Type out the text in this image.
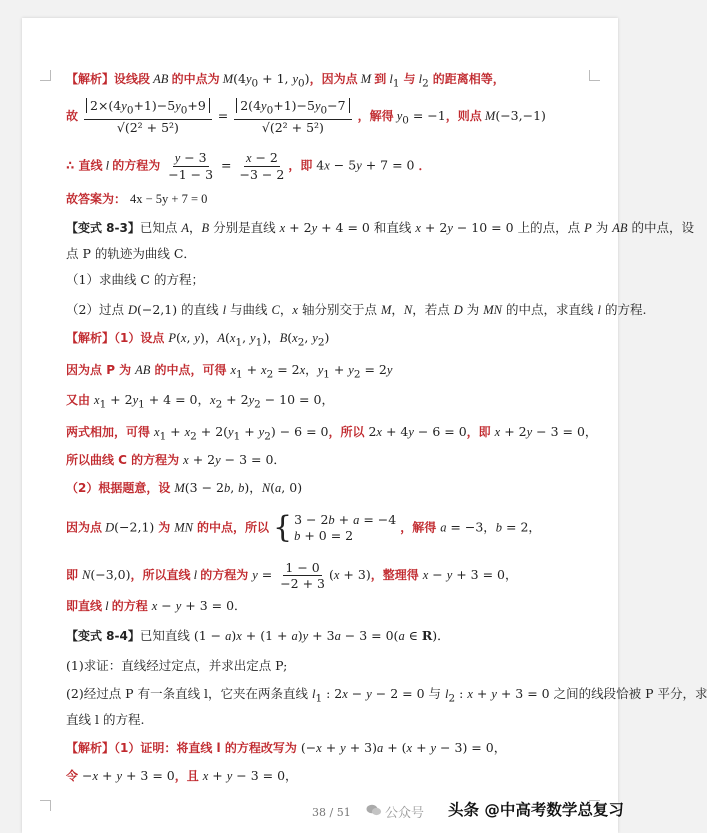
【解析】设线段 AB 的中点为 $M(4y_0 + 1$, $y_0$)，因为点 M 到 $l_1$ 与 $l_2$ 的距离相等，
故 $\frac{2\times(4y_0+1)-5y_0+9}{\text{√(2² + 5²)}} = \frac{2(4y_0+1)-5y_0-7}{\text{√(2² + 5²)}}$ ，解得 $y_0 = -1$，则点 M(−3,−1)
∴ 直线 l 的方程为 $\frac{y - 3}{-1 - 3} = \frac{x - 2}{-3 - 2}$ ，即 4x − 5y + 7 = 0 ．
故答案为： 4x − 5y + 7 = 0
【变式 8-3】已知点 A，B 分别是直线 x + 2y + 4 = 0 和直线 x + 2y − 10 = 0 上的点，点 P 为 AB 的中点，设
点 P 的轨迹为曲线 C．
（1）求曲线 C 的方程；
（2）过点 D(−2,1) 的直线 l 与曲线 C，x 轴分别交于点 M，N，若点 D 为 MN 的中点，求直线 l 的方程.
【解析】（1）设点 P(x, y)，$A(x_1$, $y_1$)，$B(x_2$, $y_2$)
因为点 P 为 AB 的中点，可得 $x_1 + x_2 = 2x$，$y_1 + y_2 = 2y$
又由 $x_1 + 2y_1 + 4 = 0$，$x_2 + 2y_2 - 10 = 0$，
两式相加，可得 $x_1 + x_2 + 2(y_1 + y_2) - 6 = 0$，所以 2x + 4y − 6 = 0，即 x + 2y − 3 = 0，
所以曲线 C 的方程为 x + 2y − 3 = 0．
（2）根据题意，设 M(3 − 2b, b)，N(a, 0)
因为点 D(−2,1) 为 MN 的中点，所以 { 3 − 2b + a = −4
b + 0 = 2
，解得 a = −3，b = 2，
即 N(−3,0)，所以直线 l 的方程为 $y = \frac{1 - 0}{-2 + 3} (x + 3)$，整理得 x − y + 3 = 0，
即直线 l 的方程 x − y + 3 = 0．
【变式 8-4】已知直线 (1 − a)x + (1 + a)y + 3a − 3 = 0(a ∈ R)．
(1)求证：直线经过定点，并求出定点 P;
(2)经过点 P 有一条直线 l，它夹在两条直线 $l_1$ : 2x − y − 2 = 0 与 $l_2$ : x + y + 3 = 0 之间的线段恰被 P 平分，求
直线 l 的方程.
【解析】（1）证明：将直线 l 的方程改写为 (−x + y + 3)a + (x + y − 3) = 0，
令 −x + y + 3 = 0，且 x + y − 3 = 0，
38 / 51	公众号 头条 @中高考数学总复习
